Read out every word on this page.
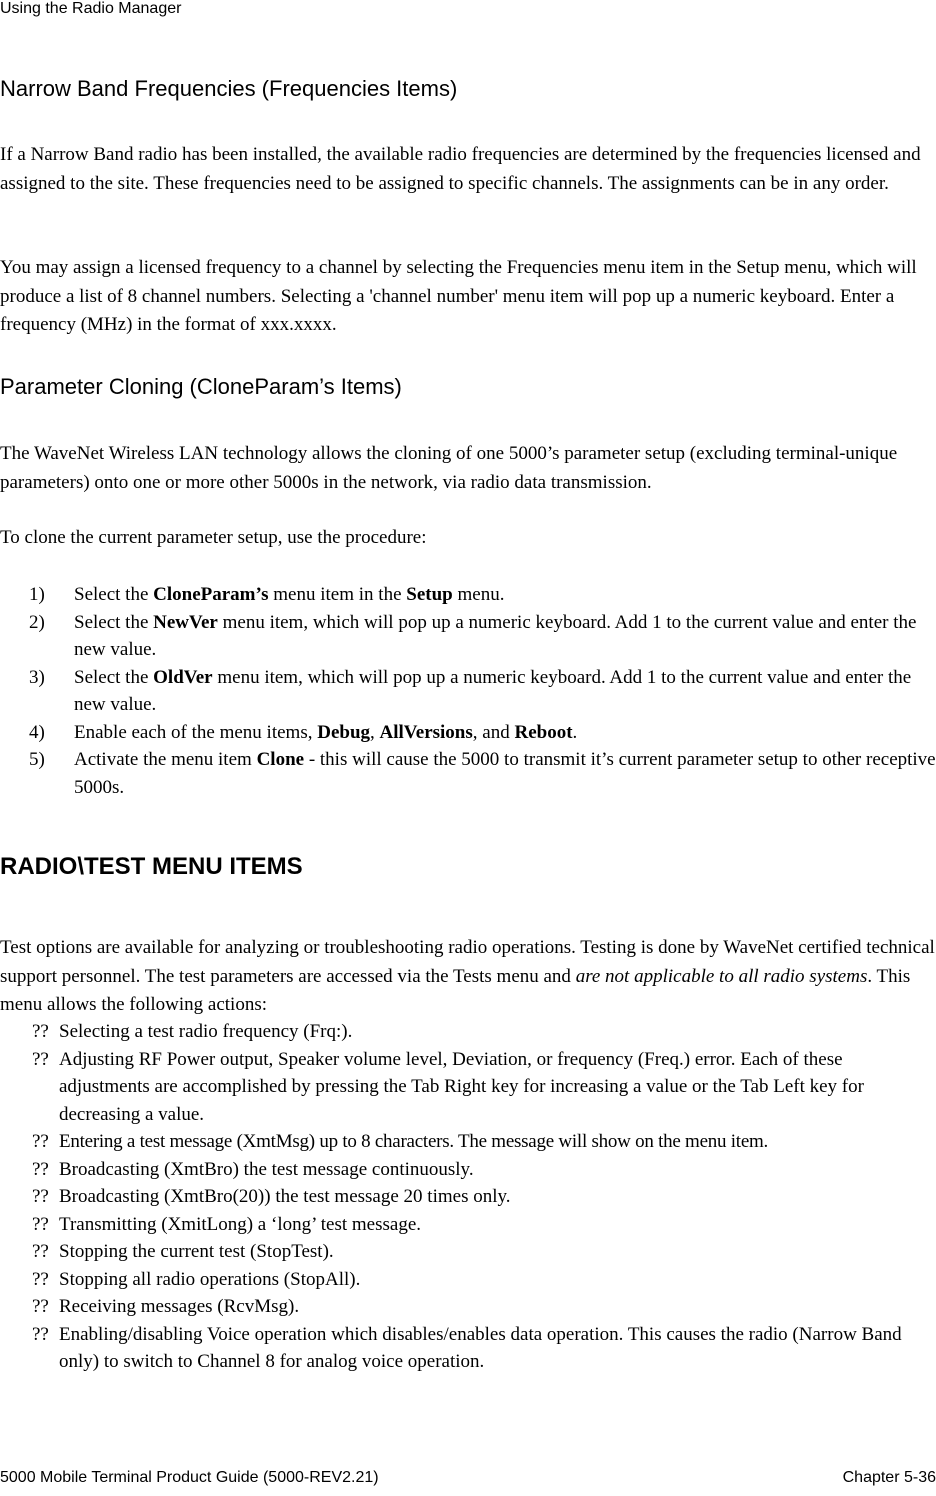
Using the Radio Manager
Narrow Band Frequencies (Frequencies Items)

If a Narrow Band radio has been installed, the available radio frequencies are determined by the frequencies licensed and assigned to the site. These frequencies need to be assigned to specific channels. The assignments can be in any order.

You may assign a licensed frequency to a channel by selecting the Frequencies menu item in the Setup menu, which will produce a list of 8 channel numbers. Selecting a 'channel number' menu item will pop up a numeric keyboard. Enter a frequency (MHz) in the format of xxx.xxxx.

Parameter Cloning (CloneParam’s Items)

The WaveNet Wireless LAN technology allows the cloning of one 5000’s parameter setup (excluding terminal-unique parameters) onto one or more other 5000s in the network, via radio data transmission.

To clone the current parameter setup, use the procedure:

1) Select the CloneParam’s menu item in the Setup menu.
2) Select the NewVer menu item, which will pop up a numeric keyboard. Add 1 to the current value and enter the new value.
3) Select the OldVer menu item, which will pop up a numeric keyboard. Add 1 to the current value and enter the new value.
4) Enable each of the menu items, Debug, AllVersions, and Reboot.
5) Activate the menu item Clone - this will cause the 5000 to transmit it’s current parameter setup to other receptive 5000s.
RADIO\TEST MENU ITEMS

Test options are available for analyzing or troubleshooting radio operations. Testing is done by WaveNet certified technical support personnel. The test parameters are accessed via the Tests menu and are not applicable to all radio systems. This menu allows the following actions:

?? Selecting a test radio frequency (Frq:).
?? Adjusting RF Power output, Speaker volume level, Deviation, or frequency (Freq.) error. Each of these adjustments are accomplished by pressing the Tab Right key for increasing a value or the Tab Left key for decreasing a value.
?? Entering a test message (XmtMsg) up to 8 characters. The message will show on the menu item.
?? Broadcasting (XmtBro) the test message continuously.
?? Broadcasting (XmtBro(20)) the test message 20 times only.
?? Transmitting (XmitLong) a ‘long’ test message.
?? Stopping the current test (StopTest).
?? Stopping all radio operations (StopAll).
?? Receiving messages (RcvMsg).
?? Enabling/disabling Voice operation which disables/enables data operation. This causes the radio (Narrow Band only) to switch to Channel 8 for analog voice operation.
5000 Mobile Terminal Product Guide (5000-REV2.21)	Chapter 5-36
